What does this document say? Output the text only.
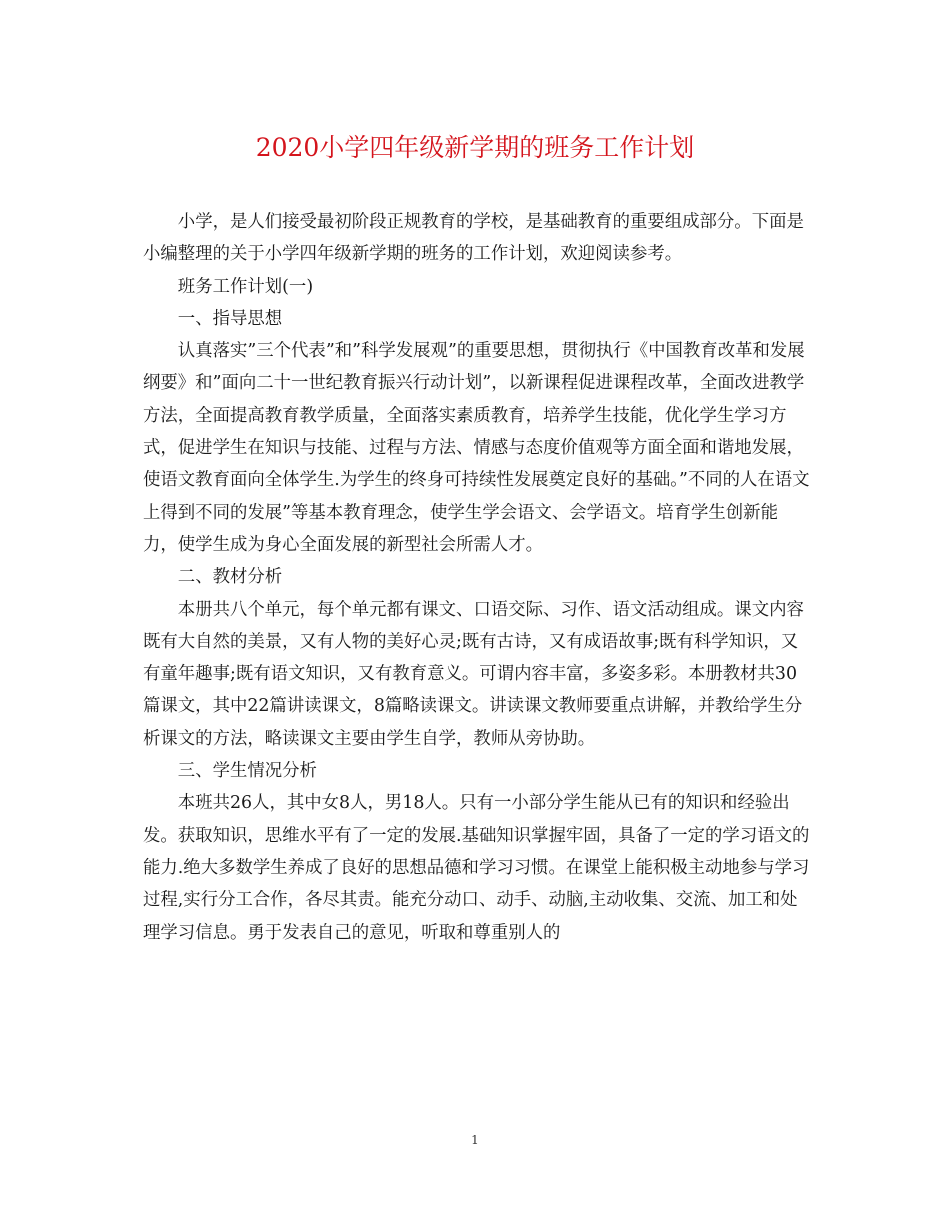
2020小学四年级新学期的班务工作计划

小学，是人们接受最初阶段正规教育的学校，是基础教育的重要组成部分。下面是小编整理的关于小学四年级新学期的班务的工作计划，欢迎阅读参考。

班务工作计划(一)

一、指导思想

认真落实”三个代表”和”科学发展观”的重要思想，贯彻执行《中国教育改革和发展纲要》和”面向二十一世纪教育振兴行动计划”，以新课程促进课程改革，全面改进教学方法，全面提高教育教学质量，全面落实素质教育，培养学生技能，优化学生学习方式，促进学生在知识与技能、过程与方法、情感与态度价值观等方面全面和谐地发展，使语文教育面向全体学生.为学生的终身可持续性发展奠定良好的基础。”不同的人在语文上得到不同的发展”等基本教育理念，使学生学会语文、会学语文。培育学生创新能力，使学生成为身心全面发展的新型社会所需人才。

二、教材分析

本册共八个单元，每个单元都有课文、口语交际、习作、语文活动组成。课文内容既有大自然的美景，又有人物的美好心灵;既有古诗，又有成语故事;既有科学知识，又有童年趣事;既有语文知识，又有教育意义。可谓内容丰富，多姿多彩。本册教材共30篇课文，其中22篇讲读课文，8篇略读课文。讲读课文教师要重点讲解，并教给学生分析课文的方法，略读课文主要由学生自学，教师从旁协助。

三、学生情况分析

本班共26人，其中女8人，男18人。只有一小部分学生能从已有的知识和经验出发。获取知识，思维水平有了一定的发展.基础知识掌握牢固，具备了一定的学习语文的能力.绝大多数学生养成了良好的思想品德和学习习惯。在课堂上能积极主动地参与学习过程,实行分工合作，各尽其责。能充分动口、动手、动脑,主动收集、交流、加工和处理学习信息。勇于发表自己的意见，听取和尊重别人的

1
